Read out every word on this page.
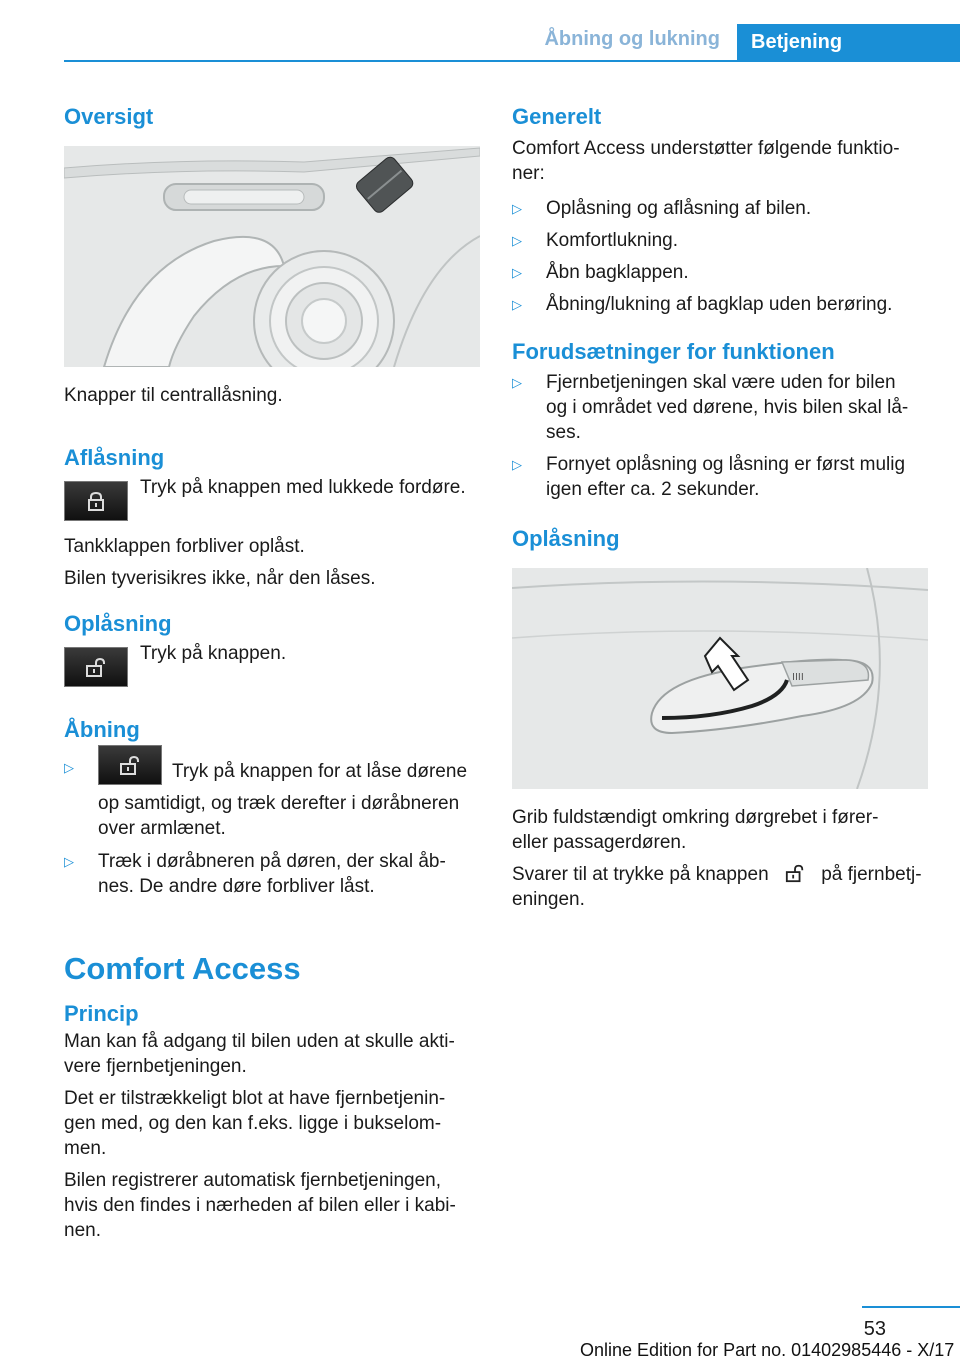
Åbning og lukning	Betjening
Oversigt
Knapper til centrallåsning.
Aflåsning
Tryk på knappen med lukkede fordøre.
Tankklappen forbliver oplåst.
Bilen tyverisikres ikke, når den låses.
Oplåsning
Tryk på knappen.
Åbning
▷	Tryk på knappen for at låse dørene
op samtidigt, og træk derefter i døråbneren
over armlænet.
▷ Træk i døråbneren på døren, der skal åb-
nes. De andre døre forbliver låst.
Comfort Access
Princip
Man kan få adgang til bilen uden at skulle akti-
vere fjernbetjeningen.
Det er tilstrækkeligt blot at have fjernbetjenin-
gen med, og den kan f.eks. ligge i bukselom-
men.
Bilen registrerer automatisk fjernbetjeningen,
hvis den findes i nærheden af bilen eller i kabi-
nen.
Generelt
Comfort Access understøtter følgende funktio-
ner:
▷ Oplåsning og aflåsning af bilen.
▷ Komfortlukning.
▷ Åbn bagklappen.
▷ Åbning/lukning af bagklap uden berøring.
Forudsætninger for funktionen
▷ Fjernbetjeningen skal være uden for bilen
og i området ved dørene, hvis bilen skal lå-
ses.
▷ Fornyet oplåsning og låsning er først mulig
igen efter ca. 2 sekunder.
Oplåsning
IIII
Grib fuldstændigt omkring dørgrebet i fører-
eller passagerdøren.
Svarer til at trykke på knappen	på fjernbetj-
eningen.
53
Online Edition for Part no. 01402985446 - X/17
